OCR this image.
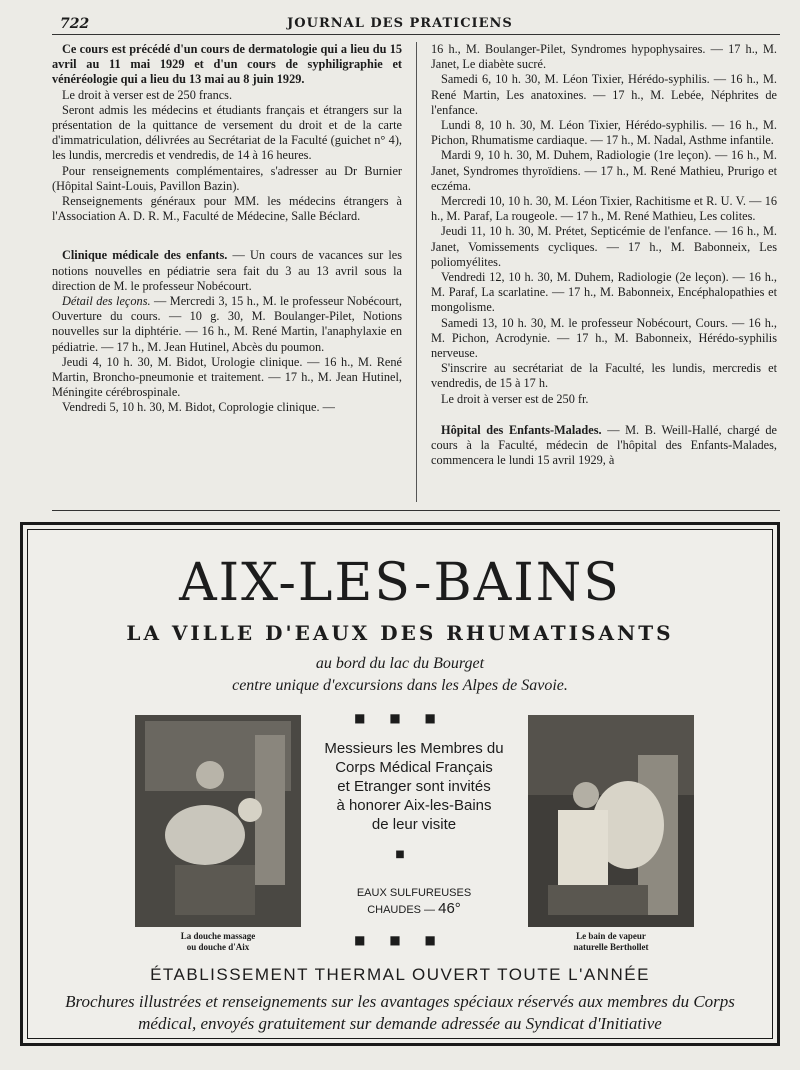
722	JOURNAL DES PRATICIENS

Ce cours est précédé d'un cours de dermatologie qui a lieu du 15 avril au 11 mai 1929 et d'un cours de syphiligraphie et vénéréologie qui a lieu du 13 mai au 8 juin 1929.

Le droit à verser est de 250 francs.

Seront admis les médecins et étudiants français et étrangers sur la présentation de la quittance de versement du droit et de la carte d'immatriculation, délivrées au Secrétariat de la Faculté (guichet n° 4), les lundis, mercredis et vendredis, de 14 à 16 heures.

Pour renseignements complémentaires, s'adresser au Dr Burnier (Hôpital Saint-Louis, Pavillon Bazin).

Renseignements généraux pour MM. les médecins étrangers à l'Association A. D. R. M., Faculté de Médecine, Salle Béclard.

Clinique médicale des enfants. — Un cours de vacances sur les notions nouvelles en pédiatrie sera fait du 3 au 13 avril sous la direction de M. le professeur Nobécourt.

Détail des leçons. — Mercredi 3, 15 h., M. le professeur Nobécourt, Ouverture du cours. — 10 g. 30, M. Boulanger-Pilet, Notions nouvelles sur la diphtérie. — 16 h., M. René Martin, l'anaphylaxie en pédiatrie. — 17 h., M. Jean Hutinel, Abcès du poumon.

Jeudi 4, 10 h. 30, M. Bidot, Urologie clinique. — 16 h., M. René Martin, Broncho-pneumonie et traitement. — 17 h., M. Jean Hutinel, Méningite cérébrospinale.

Vendredi 5, 10 h. 30, M. Bidot, Coprologie clinique. —

16 h., M. Boulanger-Pilet, Syndromes hypophysaires. — 17 h., M. Janet, Le diabète sucré.

Samedi 6, 10 h. 30, M. Léon Tixier, Hérédo-syphilis. — 16 h., M. René Martin, Les anatoxines. — 17 h., M. Lebée, Néphrites de l'enfance.

Lundi 8, 10 h. 30, M. Léon Tixier, Hérédo-syphilis. — 16 h., M. Pichon, Rhumatisme cardiaque. — 17 h., M. Nadal, Asthme infantile.

Mardi 9, 10 h. 30, M. Duhem, Radiologie (1re leçon). — 16 h., M. Janet, Syndromes thyroïdiens. — 17 h., M. René Mathieu, Prurigo et eczéma.

Mercredi 10, 10 h. 30, M. Léon Tixier, Rachitisme et R. U. V. — 16 h., M. Paraf, La rougeole. — 17 h., M. René Mathieu, Les colites.

Jeudi 11, 10 h. 30, M. Prétet, Septicémie de l'enfance. — 16 h., M. Janet, Vomissements cycliques. — 17 h., M. Babonneix, Les poliomyélites.

Vendredi 12, 10 h. 30, M. Duhem, Radiologie (2e leçon). — 16 h., M. Paraf, La scarlatine. — 17 h., M. Babonneix, Encéphalopathies et mongolisme.

Samedi 13, 10 h. 30, M. le professeur Nobécourt, Cours. — 16 h., M. Pichon, Acrodynie. — 17 h., M. Babonneix, Hérédo-syphilis nerveuse.

S'inscrire au secrétariat de la Faculté, les lundis, mercredis et vendredis, de 15 à 17 h.

Le droit à verser est de 250 fr.

Hôpital des Enfants-Malades. — M. B. Weill-Hallé, chargé de cours à la Faculté, médecin de l'hôpital des Enfants-Malades, commencera le lundi 15 avril 1929, à

AIX-LES-BAINS
LA VILLE D'EAUX DES RHUMATISANTS
au bord du lac du Bourget
centre unique d'excursions dans les Alpes de Savoie.
■ ■ ■
La douche massage
ou douche d'Aix
Messieurs les Membres du
Corps Médical Français
et Etranger sont invités
à honorer Aix-les-Bains
de leur visite
■
EAUX SULFUREUSES
CHAUDES — 46°
Le bain de vapeur
naturelle Berthollet
■ ■ ■
ÉTABLISSEMENT THERMAL OUVERT TOUTE L'ANNÉE
Brochures illustrées et renseignements sur les avantages spéciaux réservés aux membres du Corps médical, envoyés gratuitement sur demande adressée au Syndicat d'Initiative
